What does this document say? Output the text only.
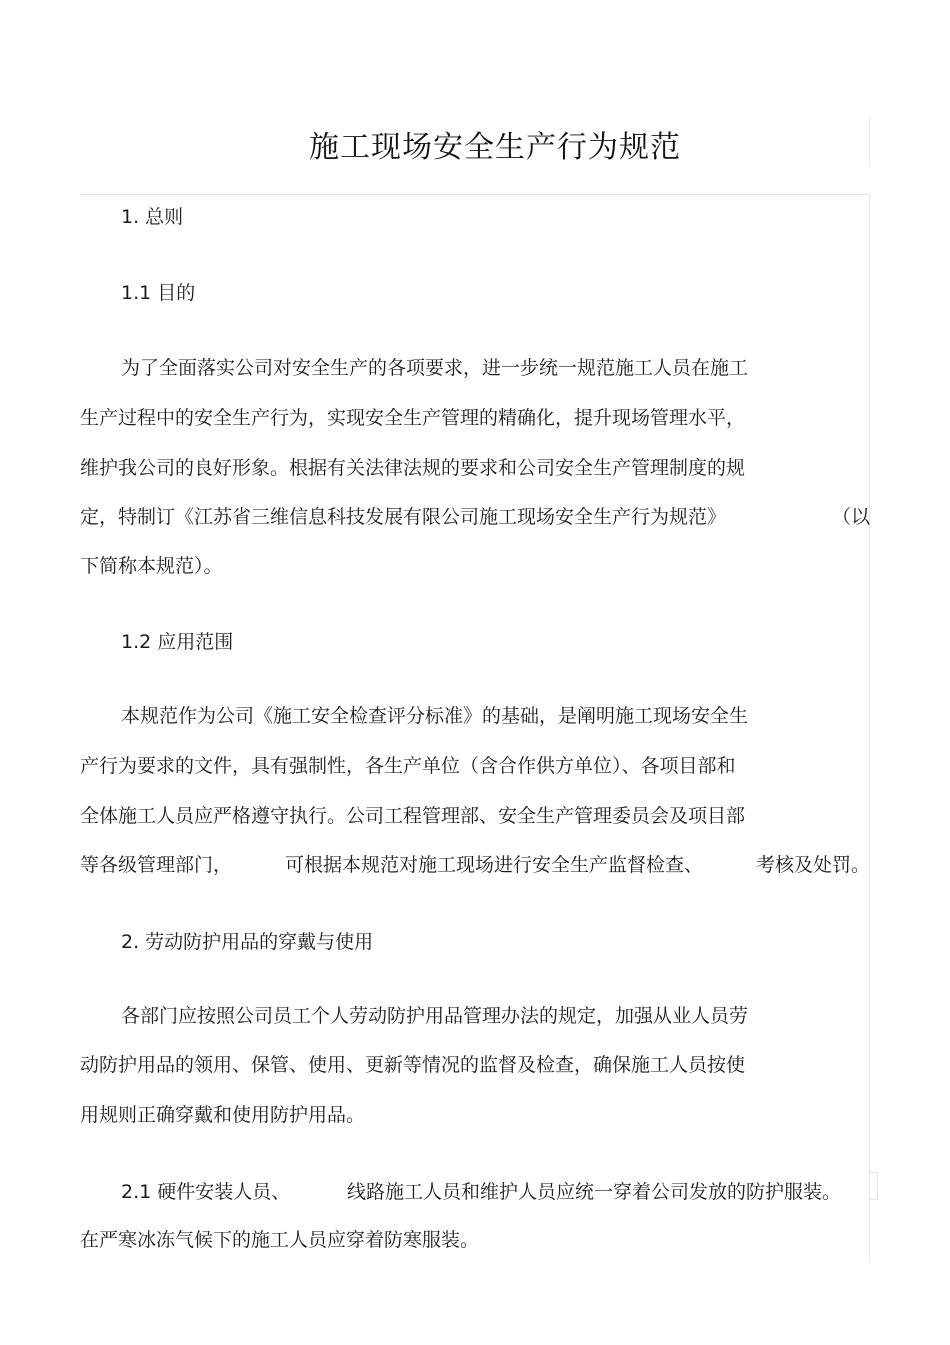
施工现场安全生产行为规范
1. 总则
1.1 目的
为了全面落实公司对安全生产的各项要求，进一步统一规范施工人员在施工
生产过程中的安全生产行为，实现安全生产管理的精确化，提升现场管理水平，
维护我公司的良好形象。根据有关法律法规的要求和公司安全生产管理制度的规
定，特制订《江苏省三维信息科技发展有限公司施工现场安全生产行为规范》	（以
下简称本规范）。
1.2 应用范围
本规范作为公司《施工安全检查评分标准》的基础，是阐明施工现场安全生
产行为要求的文件，具有强制性，各生产单位（含合作供方单位）、各项目部和
全体施工人员应严格遵守执行。公司工程管理部、安全生产管理委员会及项目部
等各级管理部门，	可根据本规范对施工现场进行安全生产监督检查、	考核及处罚。
2. 劳动防护用品的穿戴与使用
各部门应按照公司员工个人劳动防护用品管理办法的规定，加强从业人员劳
动防护用品的领用、保管、使用、更新等情况的监督及检查，确保施工人员按使
用规则正确穿戴和使用防护用品。
2.1 硬件安装人员、	线路施工人员和维护人员应统一穿着公司发放的防护服装。
在严寒冰冻气候下的施工人员应穿着防寒服装。
